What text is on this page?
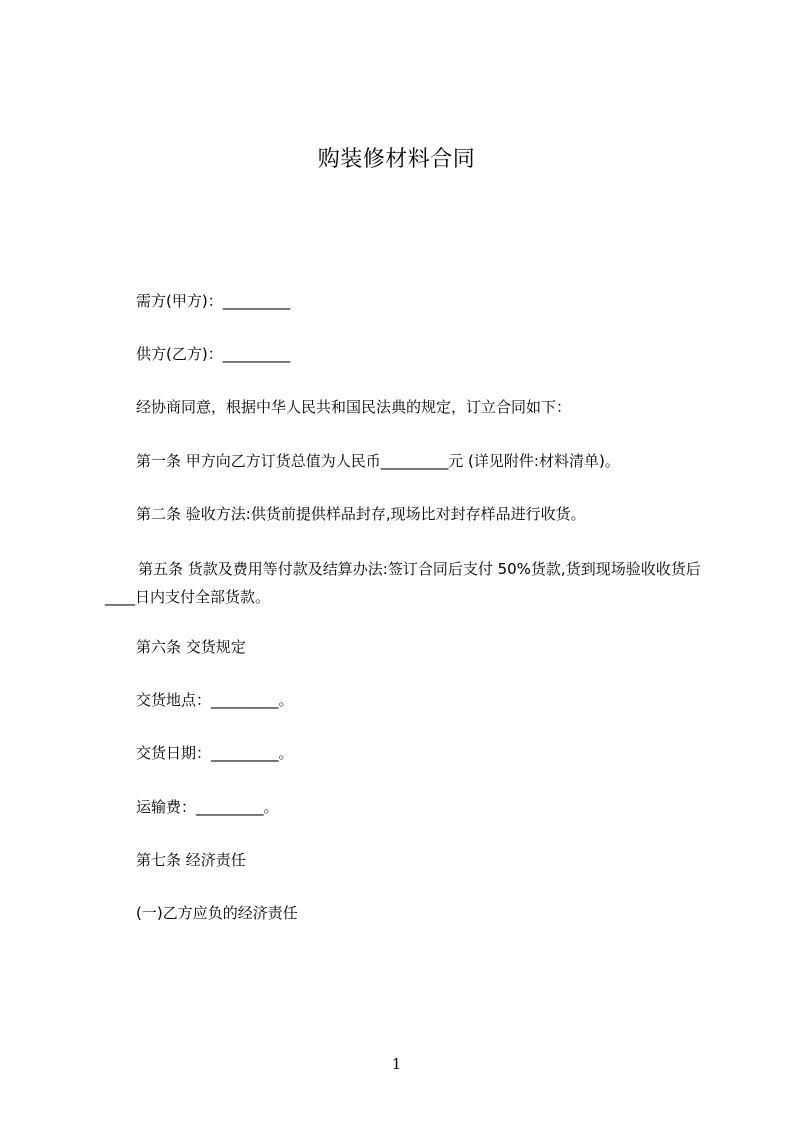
购装修材料合同
需方(甲方)：_________
供方(乙方)：_________
经协商同意，根据中华人民共和国民法典的规定，订立合同如下：
第一条 甲方向乙方订货总值为人民币_________元 (详见附件:材料清单)。
第二条 验收方法:供货前提供样品封存,现场比对封存样品进行收货。
第五条 货款及费用等付款及结算办法:签订合同后支付 50%货款,货到现场验收收货后____日内支付全部货款。
第六条 交货规定
交货地点：_________。
交货日期：_________。
运输费：_________。
第七条 经济责任
(一)乙方应负的经济责任
1
